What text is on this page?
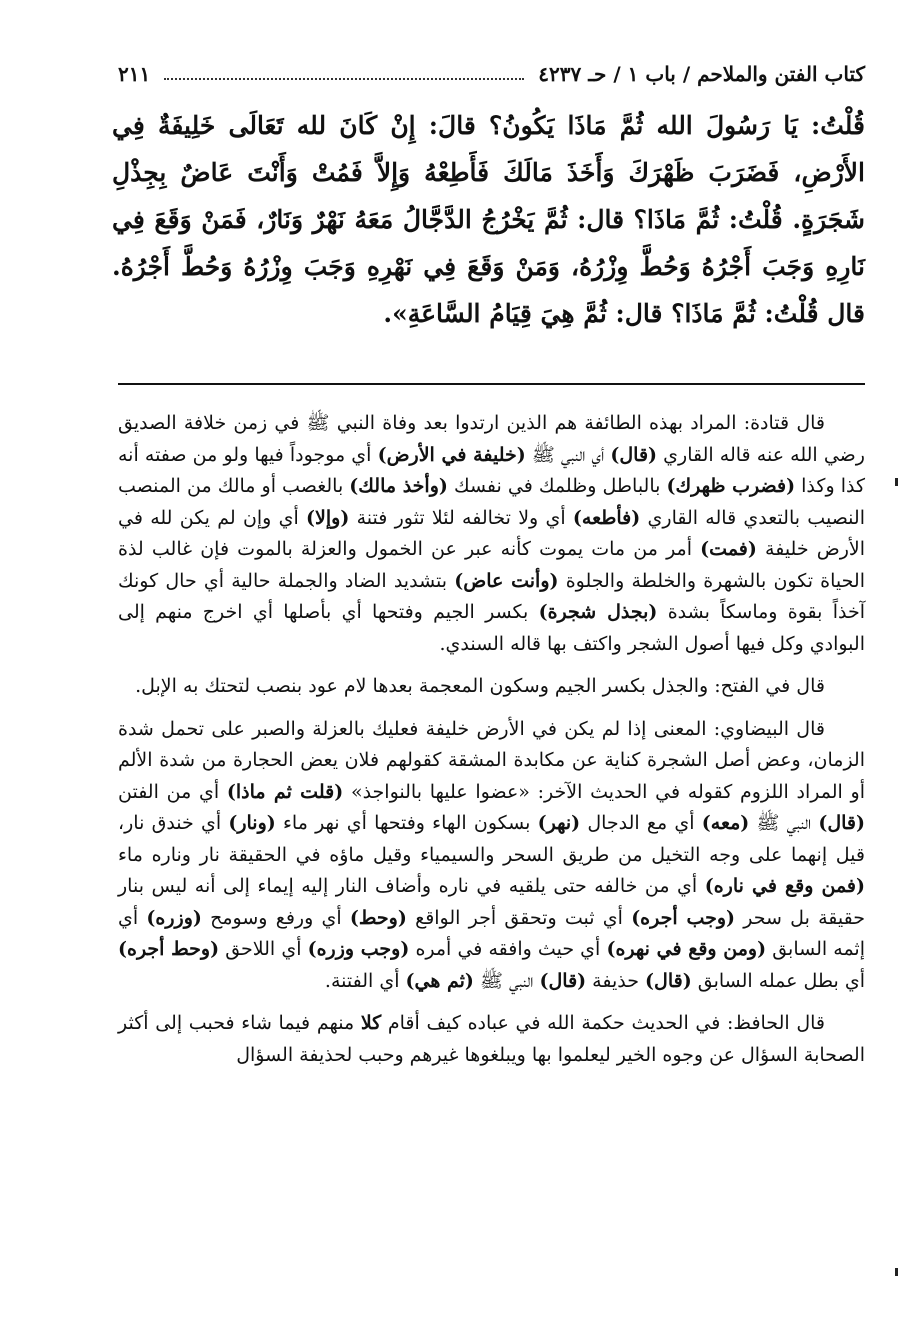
كتاب الفتن والملاحم / باب ١ / حـ ٤٢٣٧
٢١١
قُلْتُ: يَا رَسُولَ الله ثُمَّ مَاذَا يَكُونُ؟ قالَ: إِنْ كَانَ لله تَعَالَى خَلِيفَةٌ فِي الأَرْضِ، فَضَرَبَ ظَهْرَكَ وَأَخَذَ مَالَكَ فَأَطِعْهُ وَإِلاَّ فَمُتْ وَأَنْتَ عَاضٌ بِجِذْلِ شَجَرَةٍ. قُلْتُ: ثُمَّ مَاذَا؟ قال: ثُمَّ يَخْرُجُ الدَّجَّالُ مَعَهُ نَهْرٌ وَنَارٌ، فَمَنْ وَقَعَ فِي نَارِهِ وَجَبَ أَجْرُهُ وَحُطَّ وِزْرُهُ، وَمَنْ وَقَعَ فِي نَهْرِهِ وَجَبَ وِزْرُهُ وَحُطَّ أَجْرُهُ. قال قُلْتُ: ثُمَّ مَاذَا؟ قال: ثُمَّ هِيَ قِيَامُ السَّاعَةِ».

قال قتادة: المراد بهذه الطائفة هم الذين ارتدوا بعد وفاة النبي ﷺ في زمن خلافة الصديق رضي الله عنه قاله القاري (قال) أي النبي ﷺ (خليفة في الأرض) أي موجوداً فيها ولو من صفته أنه كذا وكذا (فضرب ظهرك) بالباطل وظلمك في نفسك (وأخذ مالك) بالغصب أو مالك من المنصب النصيب بالتعدي قاله القاري (فأطعه) أي ولا تخالفه لئلا تثور فتنة (وإلا) أي وإن لم يكن لله في الأرض خليفة (فمت) أمر من مات يموت كأنه عبر عن الخمول والعزلة بالموت فإن غالب لذة الحياة تكون بالشهرة والخلطة والجلوة (وأنت عاض) بتشديد الضاد والجملة حالية أي حال كونك آخذاً بقوة وماسكاً بشدة (بجذل شجرة) بكسر الجيم وفتحها أي بأصلها أي اخرج منهم إلى البوادي وكل فيها أصول الشجر واكتف بها قاله السندي.

قال في الفتح: والجذل بكسر الجيم وسكون المعجمة بعدها لام عود بنصب لتحتك به الإبل.

قال البيضاوي: المعنى إذا لم يكن في الأرض خليفة فعليك بالعزلة والصبر على تحمل شدة الزمان، وعض أصل الشجرة كناية عن مكابدة المشقة كقولهم فلان يعض الحجارة من شدة الألم أو المراد اللزوم كقوله في الحديث الآخر: «عضوا عليها بالنواجذ» (قلت ثم ماذا) أي من الفتن (قال) النبي ﷺ (معه) أي مع الدجال (نهر) بسكون الهاء وفتحها أي نهر ماء (ونار) أي خندق نار، قيل إنهما على وجه التخيل من طريق السحر والسيمياء وقيل ماؤه في الحقيقة نار وناره ماء (فمن وقع في ناره) أي من خالفه حتى يلقيه في ناره وأضاف النار إليه إيماء إلى أنه ليس بنار حقيقة بل سحر (وجب أجره) أي ثبت وتحقق أجر الواقع (وحط) أي ورفع وسومح (وزره) أي إثمه السابق (ومن وقع في نهره) أي حيث وافقه في أمره (وجب وزره) أي اللاحق (وحط أجره) أي بطل عمله السابق (قال) حذيفة (قال) النبي ﷺ (ثم هي) أي الفتنة.

قال الحافظ: في الحديث حكمة الله في عباده كيف أقام كلا منهم فيما شاء فحبب إلى أكثر الصحابة السؤال عن وجوه الخير ليعلموا بها ويبلغوها غيرهم وحبب لحذيفة السؤال
